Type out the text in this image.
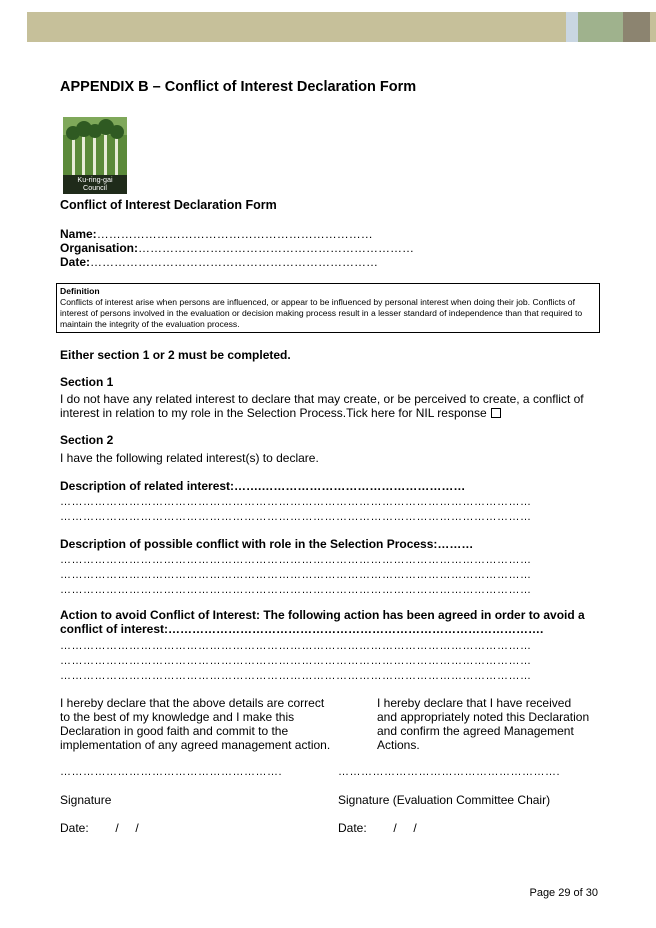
APPENDIX B – Conflict of Interest Declaration Form
Ku-ring-gai
Council
Conflict of Interest Declaration Form
Name:……………………………………………………………
Organisation:……………………………………………………………
Date:………………………………………………………………
Definition
Conflicts of interest arise when persons are influenced, or appear to be influenced by personal interest when doing their job. Conflicts of interest of persons involved in the evaluation or decision making process result in a lesser standard of independence than that required to maintain the integrity of the evaluation process.
Either section 1 or 2 must be completed.
Section 1
I do not have any related interest to declare that may create, or be perceived to create, a conflict of
interest in relation to my role in the Selection Process.Tick here for NIL response
Section 2
I have the following related interest(s) to declare.
Description of related interest:…….……………………………………………
……………………………………………………………………………………………………………
……………………………………………………………………………………………………………
Description of possible conflict with role in the Selection Process:………
……………………………………………………………………………………………………………
……………………………………………………………………………………………………………
……………………………………………………………………………………………………………
Action to avoid Conflict of Interest: The following action has been agreed in order to avoid a
conflict of interest:………………………………………………………………………………….
……………………………………………………………………………………………………………
……………………………………………………………………………………………………………
……………………………………………………………………………………………………………
I hereby declare that the above details are correct
to the best of my knowledge and I make this
Declaration in good faith and commit to the
implementation of any agreed management action.
I hereby declare that I have received
and appropriately noted this Declaration
and confirm the agreed Management
Actions.
………………………………………………….	………………………………………………….
Signature	Signature (Evaluation Committee Chair)
Date:        /     /	Date:        /     /
Page 29 of 30
